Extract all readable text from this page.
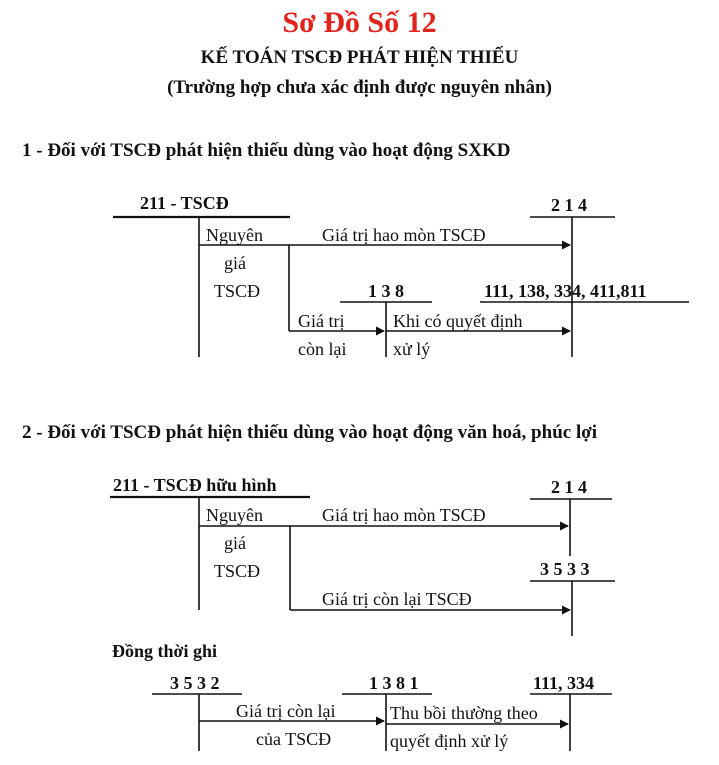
Sơ Đồ Số 12
KẾ TOÁN TSCĐ PHÁT HIỆN THIẾU
(Trường hợp chưa xác định được nguyên nhân)
1 - Đối với TSCĐ phát hiện thiếu dùng vào hoạt động SXKD
211 - TSCĐ	2 1 4
Nguyên
giá
TSCĐ
Giá trị hao mòn TSCĐ
1 3 8	111, 138, 334, 411,811
Giá trị
còn lại
Khi có quyết định
xử lý
2 - Đối với TSCĐ phát hiện thiếu dùng vào hoạt động văn hoá, phúc lợi
211 - TSCĐ hữu hình	2 1 4
Nguyên
giá
TSCĐ
Giá trị hao mòn TSCĐ
3 5 3 3
Giá trị còn lại TSCĐ
Đồng thời ghi
3 5 3 2	1 3 8 1	111, 334
Giá trị còn lại
của TSCĐ
Thu bồi thường theo
quyết định xử lý
